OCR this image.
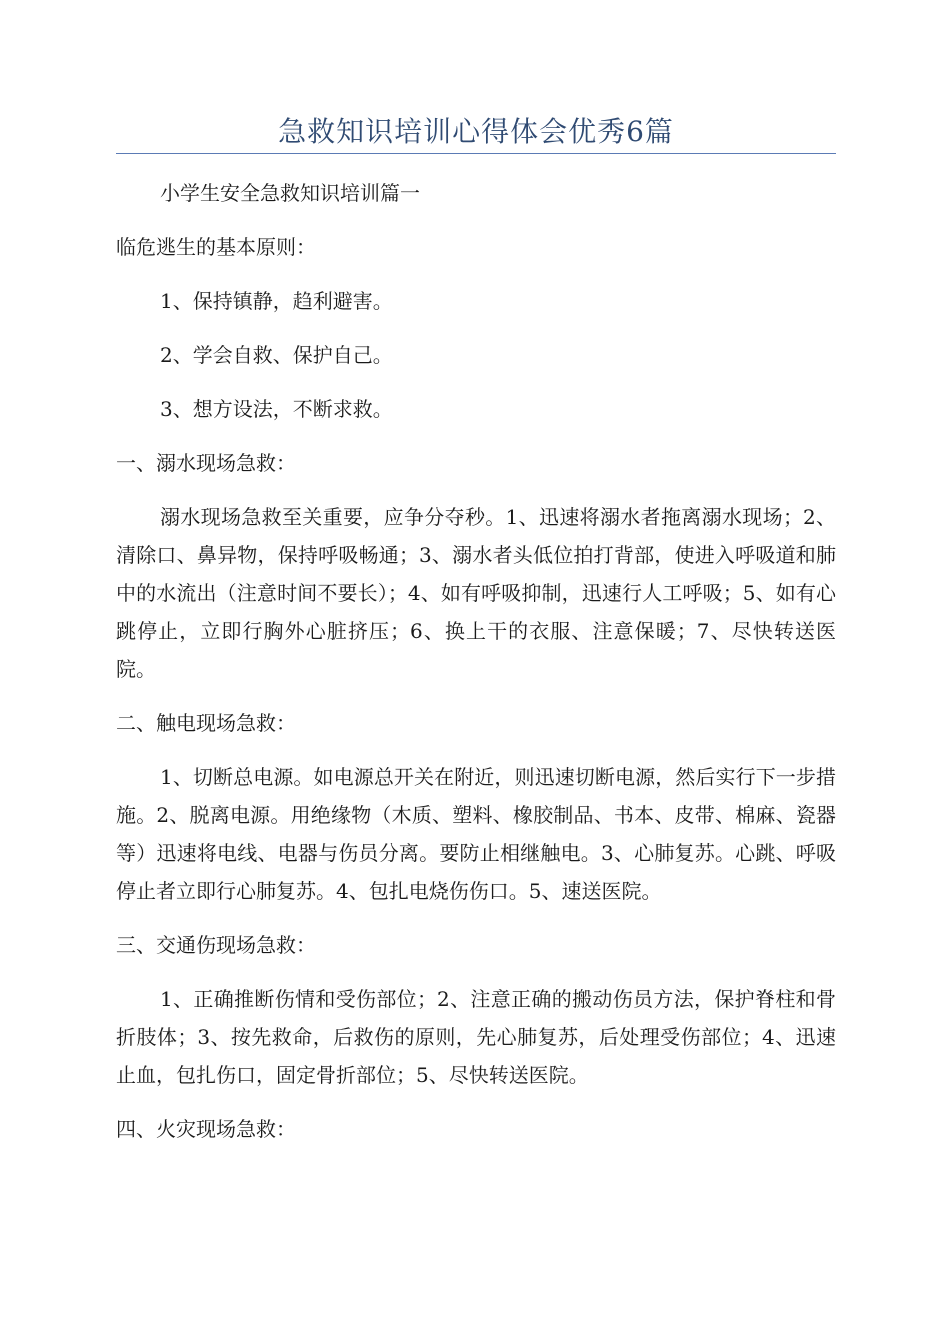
急救知识培训心得体会优秀6篇

小学生安全急救知识培训篇一

临危逃生的基本原则：

1、保持镇静，趋利避害。

2、学会自救、保护自己。

3、想方设法，不断求救。

一、溺水现场急救：

溺水现场急救至关重要，应争分夺秒。1、迅速将溺水者拖离溺水现场；2、清除口、鼻异物，保持呼吸畅通；3、溺水者头低位拍打背部，使进入呼吸道和肺中的水流出（注意时间不要长）；4、如有呼吸抑制，迅速行人工呼吸；5、如有心跳停止，立即行胸外心脏挤压；6、换上干的衣服、注意保暖；7、尽快转送医院。

二、触电现场急救：

1、切断总电源。如电源总开关在附近，则迅速切断电源，然后实行下一步措施。2、脱离电源。用绝缘物（木质、塑料、橡胶制品、书本、皮带、棉麻、瓷器等）迅速将电线、电器与伤员分离。要防止相继触电。3、心肺复苏。心跳、呼吸停止者立即行心肺复苏。4、包扎电烧伤伤口。5、速送医院。

三、交通伤现场急救：

1、正确推断伤情和受伤部位；2、注意正确的搬动伤员方法，保护脊柱和骨折肢体；3、按先救命，后救伤的原则，先心肺复苏，后处理受伤部位；4、迅速止血，包扎伤口，固定骨折部位；5、尽快转送医院。

四、火灾现场急救：
